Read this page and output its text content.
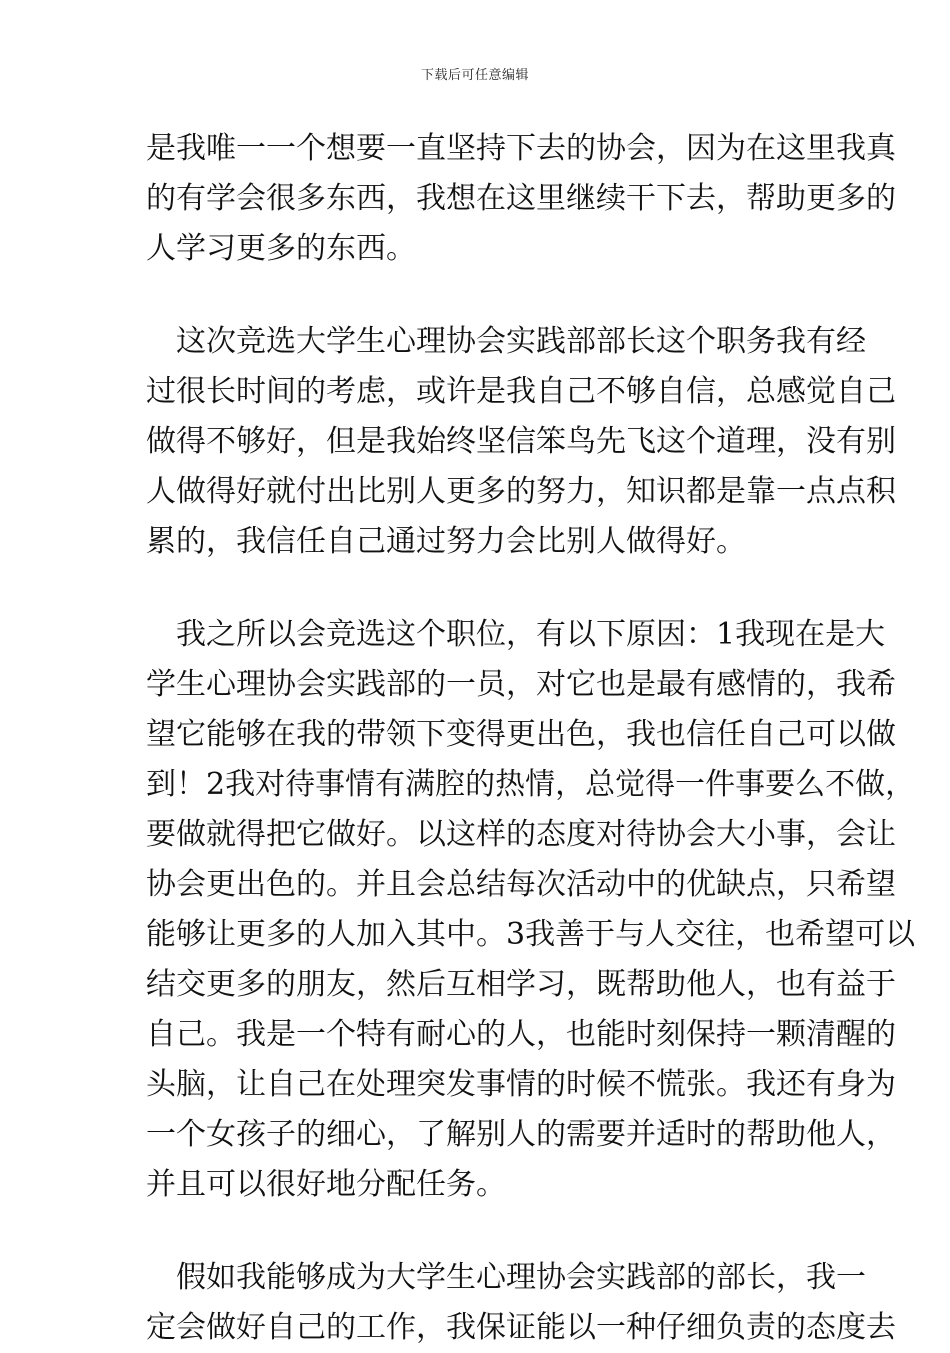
下载后可任意编辑
是我唯一一个想要一直坚持下去的协会，因为在这里我真
的有学会很多东西，我想在这里继续干下去，帮助更多的
人学习更多的东西。
　这次竞选大学生心理协会实践部部长这个职务我有经
过很长时间的考虑，或许是我自己不够自信，总感觉自己
做得不够好，但是我始终坚信笨鸟先飞这个道理，没有别
人做得好就付出比别人更多的努力，知识都是靠一点点积
累的，我信任自己通过努力会比别人做得好。
　我之所以会竞选这个职位，有以下原因：1我现在是大
学生心理协会实践部的一员，对它也是最有感情的，我希
望它能够在我的带领下变得更出色，我也信任自己可以做
到！2我对待事情有满腔的热情，总觉得一件事要么不做，
要做就得把它做好。以这样的态度对待协会大小事，会让
协会更出色的。并且会总结每次活动中的优缺点，只希望
能够让更多的人加入其中。3我善于与人交往，也希望可以
结交更多的朋友，然后互相学习，既帮助他人，也有益于
自己。我是一个特有耐心的人，也能时刻保持一颗清醒的
头脑，让自己在处理突发事情的时候不慌张。我还有身为
一个女孩子的细心，了解别人的需要并适时的帮助他人，
并且可以很好地分配任务。
　假如我能够成为大学生心理协会实践部的部长，我一
定会做好自己的工作，我保证能以一种仔细负责的态度去
